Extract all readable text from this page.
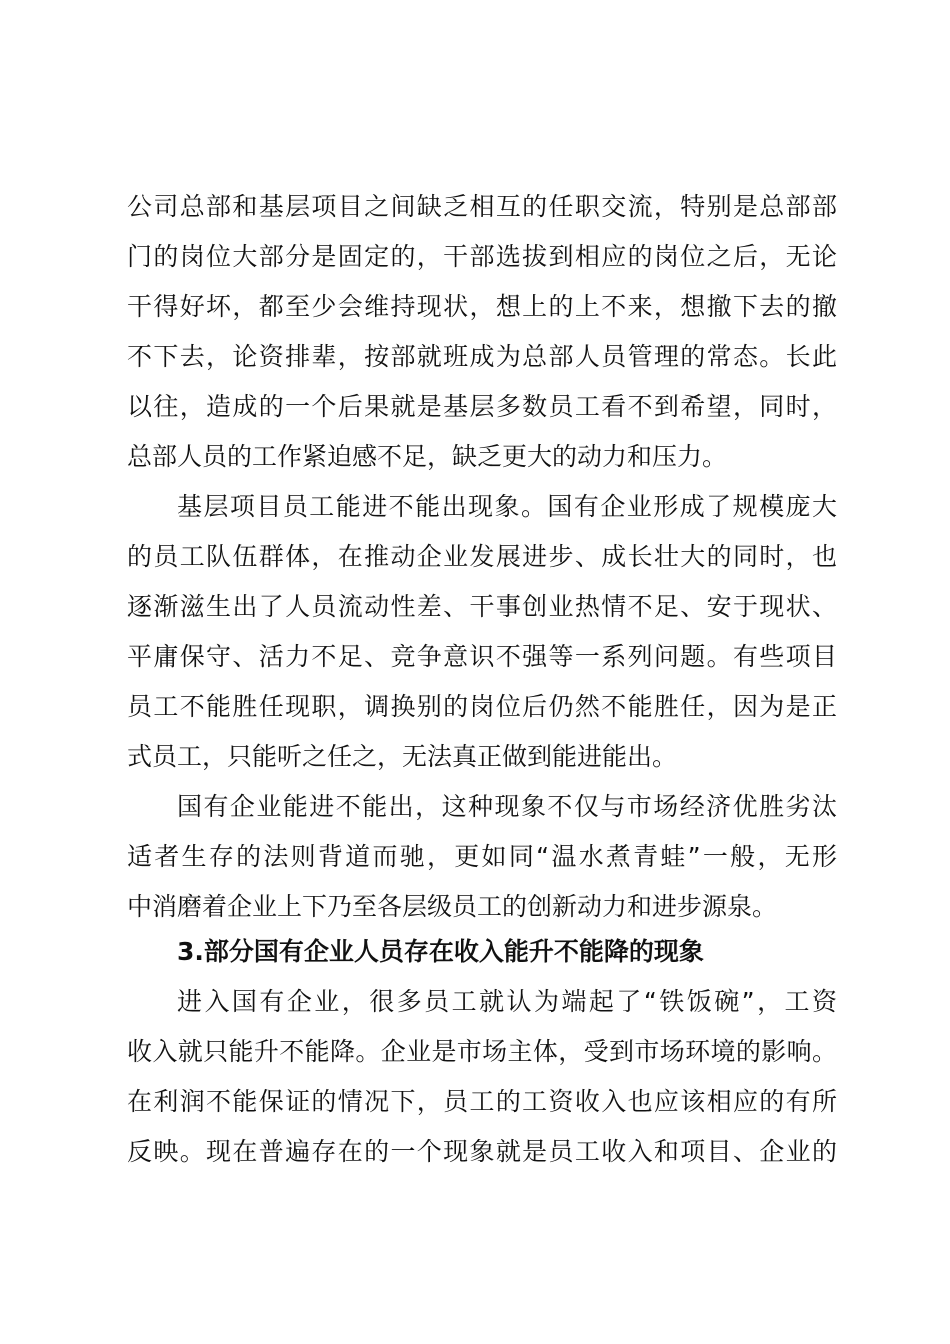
公司总部和基层项目之间缺乏相互的任职交流，特别是总部部
门的岗位大部分是固定的，干部选拔到相应的岗位之后，无论
干得好坏，都至少会维持现状，想上的上不来，想撤下去的撤
不下去，论资排辈，按部就班成为总部人员管理的常态。长此
以往，造成的一个后果就是基层多数员工看不到希望，同时，
总部人员的工作紧迫感不足，缺乏更大的动力和压力。
基层项目员工能进不能出现象。国有企业形成了规模庞大
的员工队伍群体，在推动企业发展进步、成长壮大的同时，也
逐渐滋生出了人员流动性差、干事创业热情不足、安于现状、
平庸保守、活力不足、竞争意识不强等一系列问题。有些项目
员工不能胜任现职，调换别的岗位后仍然不能胜任，因为是正
式员工，只能听之任之，无法真正做到能进能出。
国有企业能进不能出，这种现象不仅与市场经济优胜劣汰
适者生存的法则背道而驰，更如同“温水煮青蛙”一般，无形
中消磨着企业上下乃至各层级员工的创新动力和进步源泉。
3.部分国有企业人员存在收入能升不能降的现象
进入国有企业，很多员工就认为端起了“铁饭碗”，工资
收入就只能升不能降。企业是市场主体，受到市场环境的影响。
在利润不能保证的情况下，员工的工资收入也应该相应的有所
反映。现在普遍存在的一个现象就是员工收入和项目、企业的
